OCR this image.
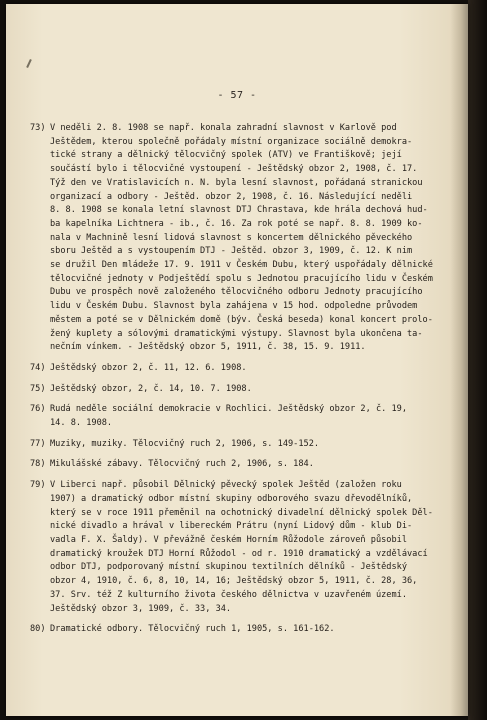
- 57 -
73) V neděli 2. 8. 1908 se např. konala zahradní slavnost v Karlově pod
Ještědem, kterou společně pořádaly místní organizace sociálně demokra-
tické strany a dělnický tělocvičný spolek (ATV) ve Františkově; její
součástí bylo i tělocvičné vystoupení - Ještědský obzor 2, 1908, č. 17.
Týž den ve Vratislavicích n. N. byla lesní slavnost, pořádaná stranickou
organizací a odbory - Ještěd. obzor 2, 1908, č. 16. Následující neděli
8. 8. 1908 se konala letní slavnost DTJ Chrastava, kde hrála dechová hud-
ba kapelníka Lichtnera - ib., č. 16. Za rok poté se např. 8. 8. 1909 ko-
nala v Machnině lesní lidová slavnost s koncertem dělnického pěveckého
sboru Ještěd a s vystoupením DTJ - Ještěd. obzor 3, 1909, č. 12. K nim
se družil Den mládeže 17. 9. 1911 v Českém Dubu, který uspořádaly dělnické
tělocvičné jednoty v Podještědí spolu s Jednotou pracujícího lidu v Českém
Dubu ve prospěch nově založeného tělocvičného odboru Jednoty pracujícího
lidu v Českém Dubu. Slavnost byla zahájena v 15 hod. odpoledne průvodem
městem a poté se v Dělnickém domě (býv. Česká beseda) konal koncert prolo-
žený kuplety a sólovými dramatickými výstupy. Slavnost byla ukončena ta-
nečním vínkem. - Ještědský obzor 5, 1911, č. 38, 15. 9. 1911.
74) Ještědský obzor 2, č. 11, 12. 6. 1908.
75) Ještědský obzor, 2, č. 14, 10. 7. 1908.
76) Rudá neděle sociální demokracie v Rochlici. Ještědský obzor 2, č. 19,
14. 8. 1908.
77) Muziky, muziky. Tělocvičný ruch 2, 1906, s. 149-152.
78) Mikulášské zábavy. Tělocvičný ruch 2, 1906, s. 184.
79) V Liberci např. působil Dělnický pěvecký spolek Ještěd (založen roku
1907) a dramatický odbor místní skupiny odborového svazu dřevodělníků,
který se v roce 1911 přeměnil na ochotnický divadelní dělnický spolek Děl-
nické divadlo a hrával v libereckém Prátru (nyní Lidový dům - klub Di-
vadla F. X. Šaldy). V převážně českém Horním Růžodole zároveň působil
dramatický kroužek DTJ Horní Růžodol - od r. 1910 dramatický a vzdělávací
odbor DTJ, podporovaný místní skupinou textilních dělníků - Ještědský
obzor 4, 1910, č. 6, 8, 10, 14, 16; Ještědský obzor 5, 1911, č. 28, 36,
37. Srv. též Z kulturního života českého dělnictva v uzavřeném území.
Ještědský obzor 3, 1909, č. 33, 34.
80) Dramatické odbory. Tělocvičný ruch 1, 1905, s. 161-162.
